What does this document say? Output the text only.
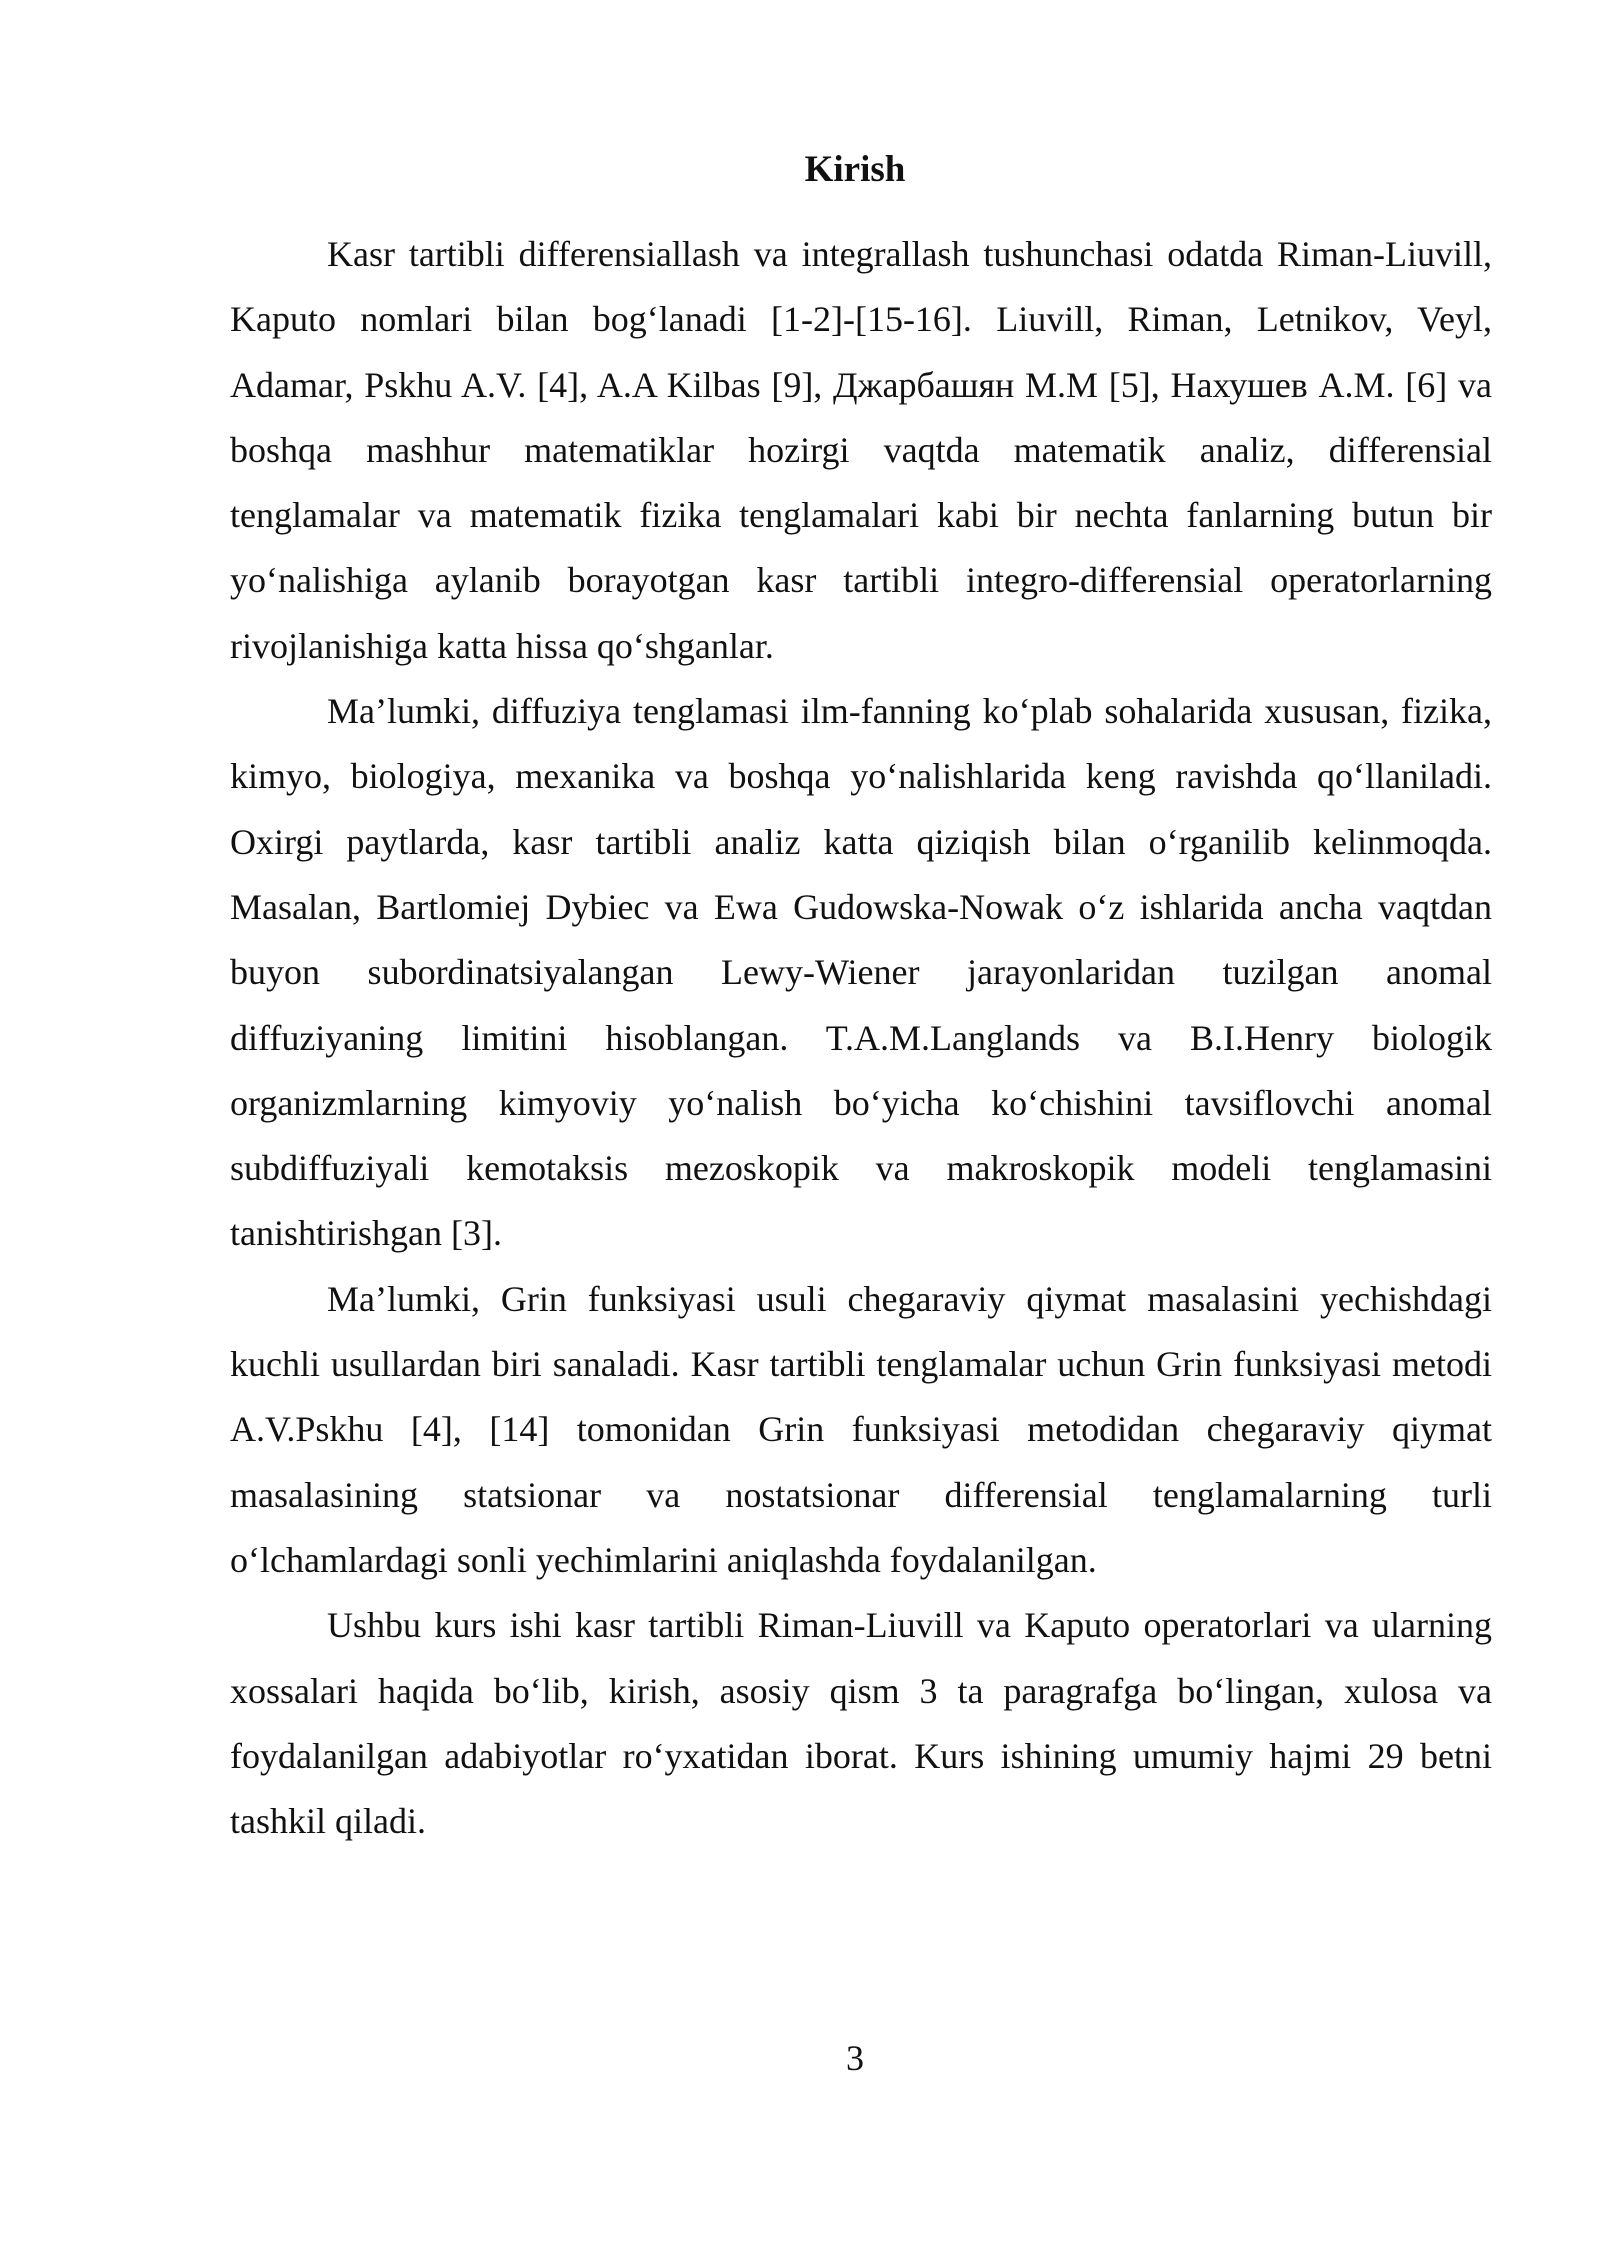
Kirish

Kasr tartibli differensiallash va integrallash tushunchasi odatda Riman-Liuvill, Kaputo nomlari bilan bog‘lanadi [1-2]-[15-16]. Liuvill, Riman, Letnikov, Veyl, Adamar, Pskhu A.V. [4], A.A Kilbas [9], Джарбашян M.M [5], Нахушев A.M. [6] va boshqa mashhur matematiklar hozirgi vaqtda matematik analiz, differensial tenglamalar va matematik fizika tenglamalari kabi bir nechta fanlarning butun bir yo‘nalishiga aylanib borayotgan kasr tartibli integro-differensial operatorlarning rivojlanishiga katta hissa qo‘shganlar.

Ma’lumki, diffuziya tenglamasi ilm-fanning ko‘plab sohalarida xususan, fizika, kimyo, biologiya, mexanika va boshqa yo‘nalishlarida keng ravishda qo‘llaniladi. Oxirgi paytlarda, kasr tartibli analiz katta qiziqish bilan o‘rganilib kelinmoqda. Masalan, Bartlomiej Dybiec va Ewa Gudowska-Nowak o‘z ishlarida ancha vaqtdan buyon subordinatsiyalangan Lewy-Wiener jarayonlaridan tuzilgan anomal diffuziyaning limitini hisoblangan. T.A.M.Langlands va B.I.Henry biologik organizmlarning kimyoviy yo‘nalish bo‘yicha ko‘chishini tavsiflovchi anomal subdiffuziyali kemotaksis mezoskopik va makroskopik modeli tenglamasini tanishtirishgan [3].

Ma’lumki, Grin funksiyasi usuli chegaraviy qiymat masalasini yechishdagi kuchli usullardan biri sanaladi. Kasr tartibli tenglamalar uchun Grin funksiyasi metodi A.V.Pskhu [4], [14] tomonidan Grin funksiyasi metodidan chegaraviy qiymat masalasining statsionar va nostatsionar differensial tenglamalarning turli o‘lchamlardagi sonli yechimlarini aniqlashda foydalanilgan.

Ushbu kurs ishi kasr tartibli Riman-Liuvill va Kaputo operatorlari va ularning xossalari haqida bo‘lib, kirish, asosiy qism 3 ta paragrafga bo‘lingan, xulosa va foydalanilgan adabiyotlar ro‘yxatidan iborat. Kurs ishining umumiy hajmi 29 betni tashkil qiladi.

3
